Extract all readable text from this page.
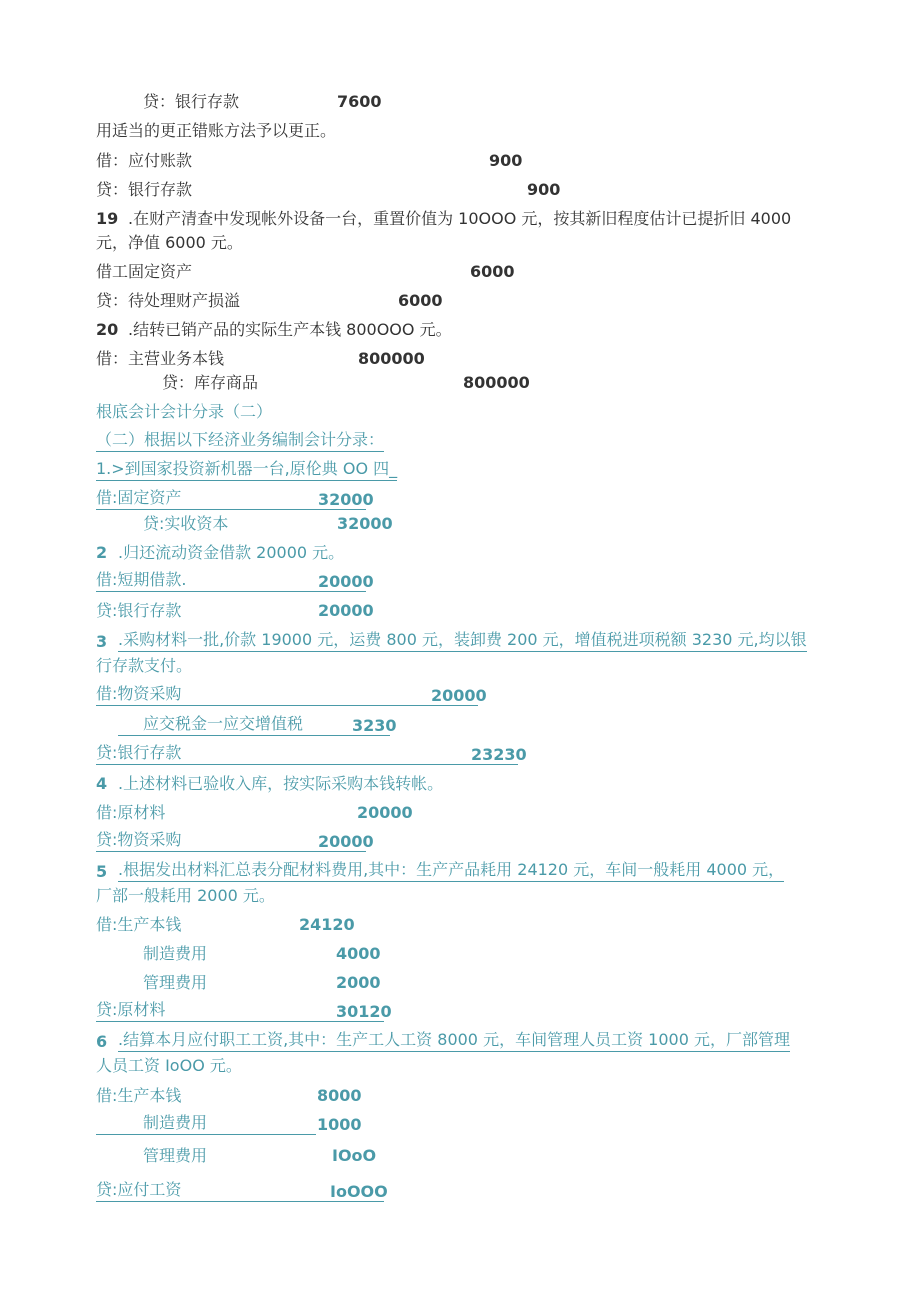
贷：银行存款	7600
用适当的更正错账方法予以更正。
借：应付账款	900
贷：银行存款	900
19 .在财产清查中发现帐外设备一台，重置价值为 10OOO 元，按其新旧程度估计已提折旧 4000
元，净值 6000 元。
借工固定资产	6000
贷：待处理财产损溢	6000
20 .结转已销产品的实际生产本钱 800OOO 元。
借：主营业务本钱	800000
贷：库存商品	800000
根底会计会计分录（二）
（二）根据以下经济业务编制会计分录：
1.>到国家投资新机器一台,原伦典 OO 四_
借:固定资产	32000
贷:实收资本	32000
2 .归还流动资金借款 20000 元。
借:短期借款.	20000
贷:银行存款	20000
3 .采购材料一批,价款 19000 元，运费 800 元，装卸费 200 元，增值税进项税额 3230 元,均以银
行存款支付。
借:物资采购	20000
应交税金一应交增值税	3230
贷:银行存款	23230
4 .上述材料已验收入库，按实际采购本钱转帐。
借:原材料	20000
贷:物资采购	20000
5 .根据发出材料汇总表分配材料费用,其中：生产产品耗用 24120 元，车间一般耗用 4000 元，
厂部一般耗用 2000 元。
借:生产本钱	24120
制造费用	4000
管理费用	2000
贷:原材料	30120
6 .结算本月应付职工工资,其中：生产工人工资 8000 元，车间管理人员工资 1000 元，厂部管理
人员工资 IoOO 元。
借:生产本钱	8000
制造费用	1000
管理费用	IOoO
贷:应付工资	IoOOO
